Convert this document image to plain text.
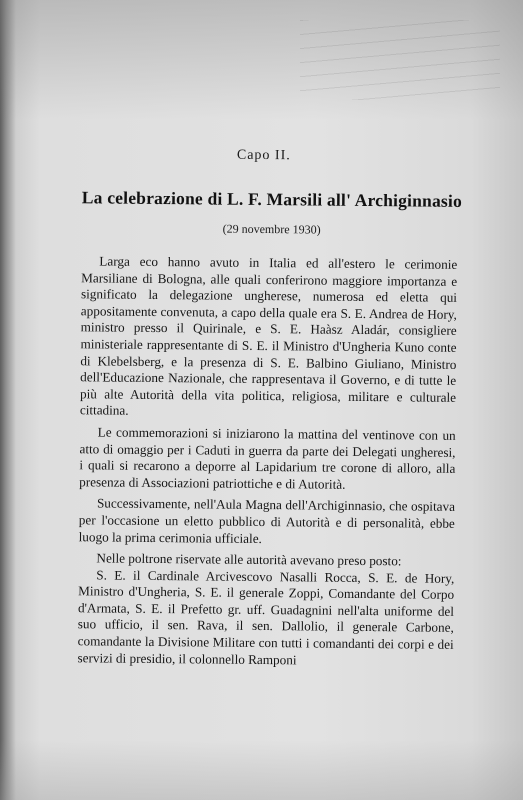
Capo II.
La celebrazione di L. F. Marsili all' Archiginnasio
(29 novembre 1930)

Larga eco hanno avuto in Italia ed all'estero le cerimonie Marsiliane di Bologna, alle quali conferirono maggiore importanza e significato la delegazione ungherese, numerosa ed eletta qui appositamente convenuta, a capo della quale era S. E. Andrea de Hory, ministro presso il Quirinale, e S. E. Haàsz Aladár, consigliere ministeriale rappresentante di S. E. il Ministro d'Ungheria Kuno conte di Klebelsberg, e la presenza di S. E. Balbino Giuliano, Ministro dell'Educazione Nazionale, che rappresentava il Governo, e di tutte le più alte Autorità della vita politica, religiosa, militare e culturale cittadina.

Le commemorazioni si iniziarono la mattina del ventinove con un atto di omaggio per i Caduti in guerra da parte dei Delegati ungheresi, i quali si recarono a deporre al Lapidarium tre corone di alloro, alla presenza di Associazioni patriottiche e di Autorità.

Successivamente, nell'Aula Magna dell'Archiginnasio, che ospitava per l'occasione un eletto pubblico di Autorità e di personalità, ebbe luogo la prima cerimonia ufficiale.

Nelle poltrone riservate alle autorità avevano preso posto:

S. E. il Cardinale Arcivescovo Nasalli Rocca, S. E. de Hory, Ministro d'Ungheria, S. E. il generale Zoppi, Comandante del Corpo d'Armata, S. E. il Prefetto gr. uff. Guadagnini nell'alta uniforme del suo ufficio, il sen. Rava, il sen. Dallolio, il generale Carbone, comandante la Divisione Militare con tutti i comandanti dei corpi e dei servizi di presidio, il colonnello Ramponi
